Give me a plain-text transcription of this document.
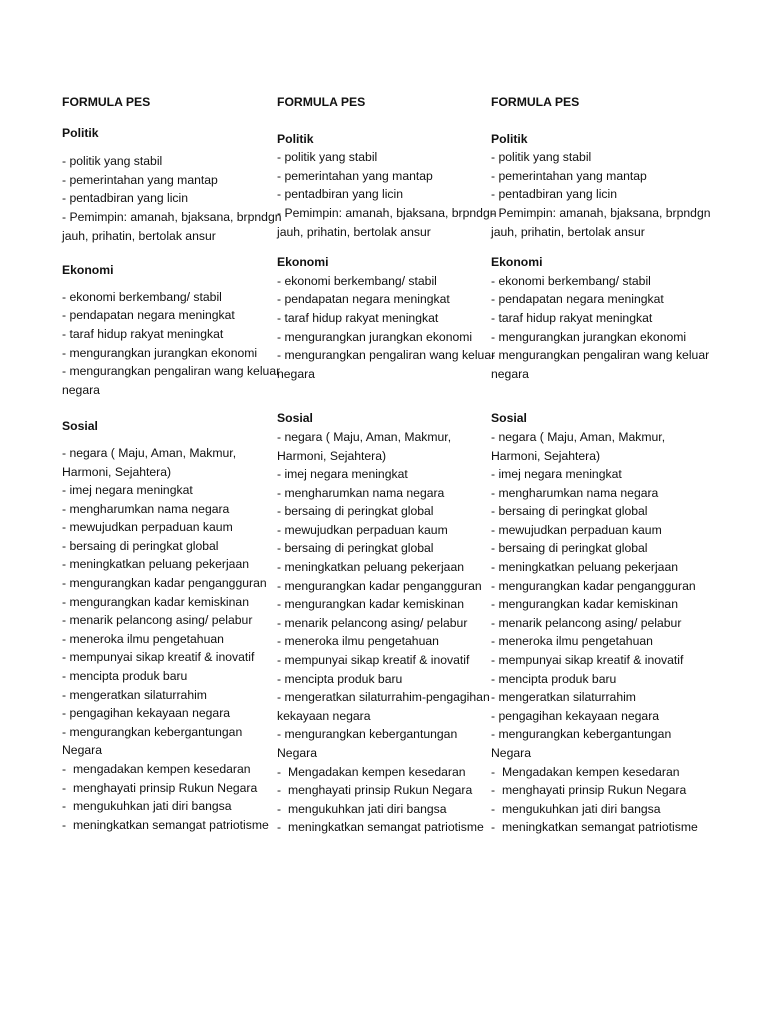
FORMULA PES
Politik
- politik yang stabil
- pemerintahan yang mantap
- pentadbiran yang licin
- Pemimpin: amanah, bjaksana, brpndgn jauh, prihatin, bertolak ansur
Ekonomi
- ekonomi berkembang/ stabil
- pendapatan negara meningkat
- taraf hidup rakyat meningkat
- mengurangkan jurangkan ekonomi
- mengurangkan pengaliran wang keluar negara
Sosial
- negara ( Maju, Aman, Makmur, Harmoni, Sejahtera)
- imej negara meningkat
- mengharumkan nama negara
- mewujudkan perpaduan kaum
- bersaing di peringkat global
- meningkatkan peluang pekerjaan
- mengurangkan kadar pengangguran
- mengurangkan kadar kemiskinan
- menarik pelancong asing/ pelabur
- meneroka ilmu pengetahuan
- mempunyai sikap kreatif & inovatif
- mencipta produk baru
- mengeratkan silaturrahim
- pengagihan kekayaan negara
- mengurangkan kebergantungan Negara
- mengadakan kempen kesedaran
- menghayati prinsip Rukun Negara
- mengukuhkan jati diri bangsa
- meningkatkan semangat patriotisme
FORMULA PES
Politik
- politik yang stabil
- pemerintahan yang mantap
- pentadbiran yang licin
- Pemimpin: amanah, bjaksana, brpndgn jauh, prihatin, bertolak ansur
Ekonomi
- ekonomi berkembang/ stabil
- pendapatan negara meningkat
- taraf hidup rakyat meningkat
- mengurangkan jurangkan ekonomi
- mengurangkan pengaliran wang keluar negara
Sosial
- negara ( Maju, Aman, Makmur, Harmoni, Sejahtera)
- imej negara meningkat
- mengharumkan nama negara
- bersaing di peringkat global
- mewujudkan perpaduan kaum
- bersaing di peringkat global
- meningkatkan peluang pekerjaan
- mengurangkan kadar pengangguran
- mengurangkan kadar kemiskinan
- menarik pelancong asing/ pelabur
- meneroka ilmu pengetahuan
- mempunyai sikap kreatif & inovatif
- mencipta produk baru
- mengeratkan silaturrahim-pengagihan kekayaan negara
- mengurangkan kebergantungan Negara
- Mengadakan kempen kesedaran
- menghayati prinsip Rukun Negara
- mengukuhkan jati diri bangsa
- meningkatkan semangat patriotisme
FORMULA PES
Politik
- politik yang stabil
- pemerintahan yang mantap
- pentadbiran yang licin
- Pemimpin: amanah, bjaksana, brpndgn jauh, prihatin, bertolak ansur
Ekonomi
- ekonomi berkembang/ stabil
- pendapatan negara meningkat
- taraf hidup rakyat meningkat
- mengurangkan jurangkan ekonomi
- mengurangkan pengaliran wang keluar negara
Sosial
- negara ( Maju, Aman, Makmur, Harmoni, Sejahtera)
- imej negara meningkat
- mengharumkan nama negara
- bersaing di peringkat global
- mewujudkan perpaduan kaum
- bersaing di peringkat global
- meningkatkan peluang pekerjaan
- mengurangkan kadar pengangguran
- mengurangkan kadar kemiskinan
- menarik pelancong asing/ pelabur
- meneroka ilmu pengetahuan
- mempunyai sikap kreatif & inovatif
- mencipta produk baru
- mengeratkan silaturrahim
- pengagihan kekayaan negara
- mengurangkan kebergantungan Negara
- Mengadakan kempen kesedaran
- menghayati prinsip Rukun Negara
- mengukuhkan jati diri bangsa
- meningkatkan semangat patriotisme
